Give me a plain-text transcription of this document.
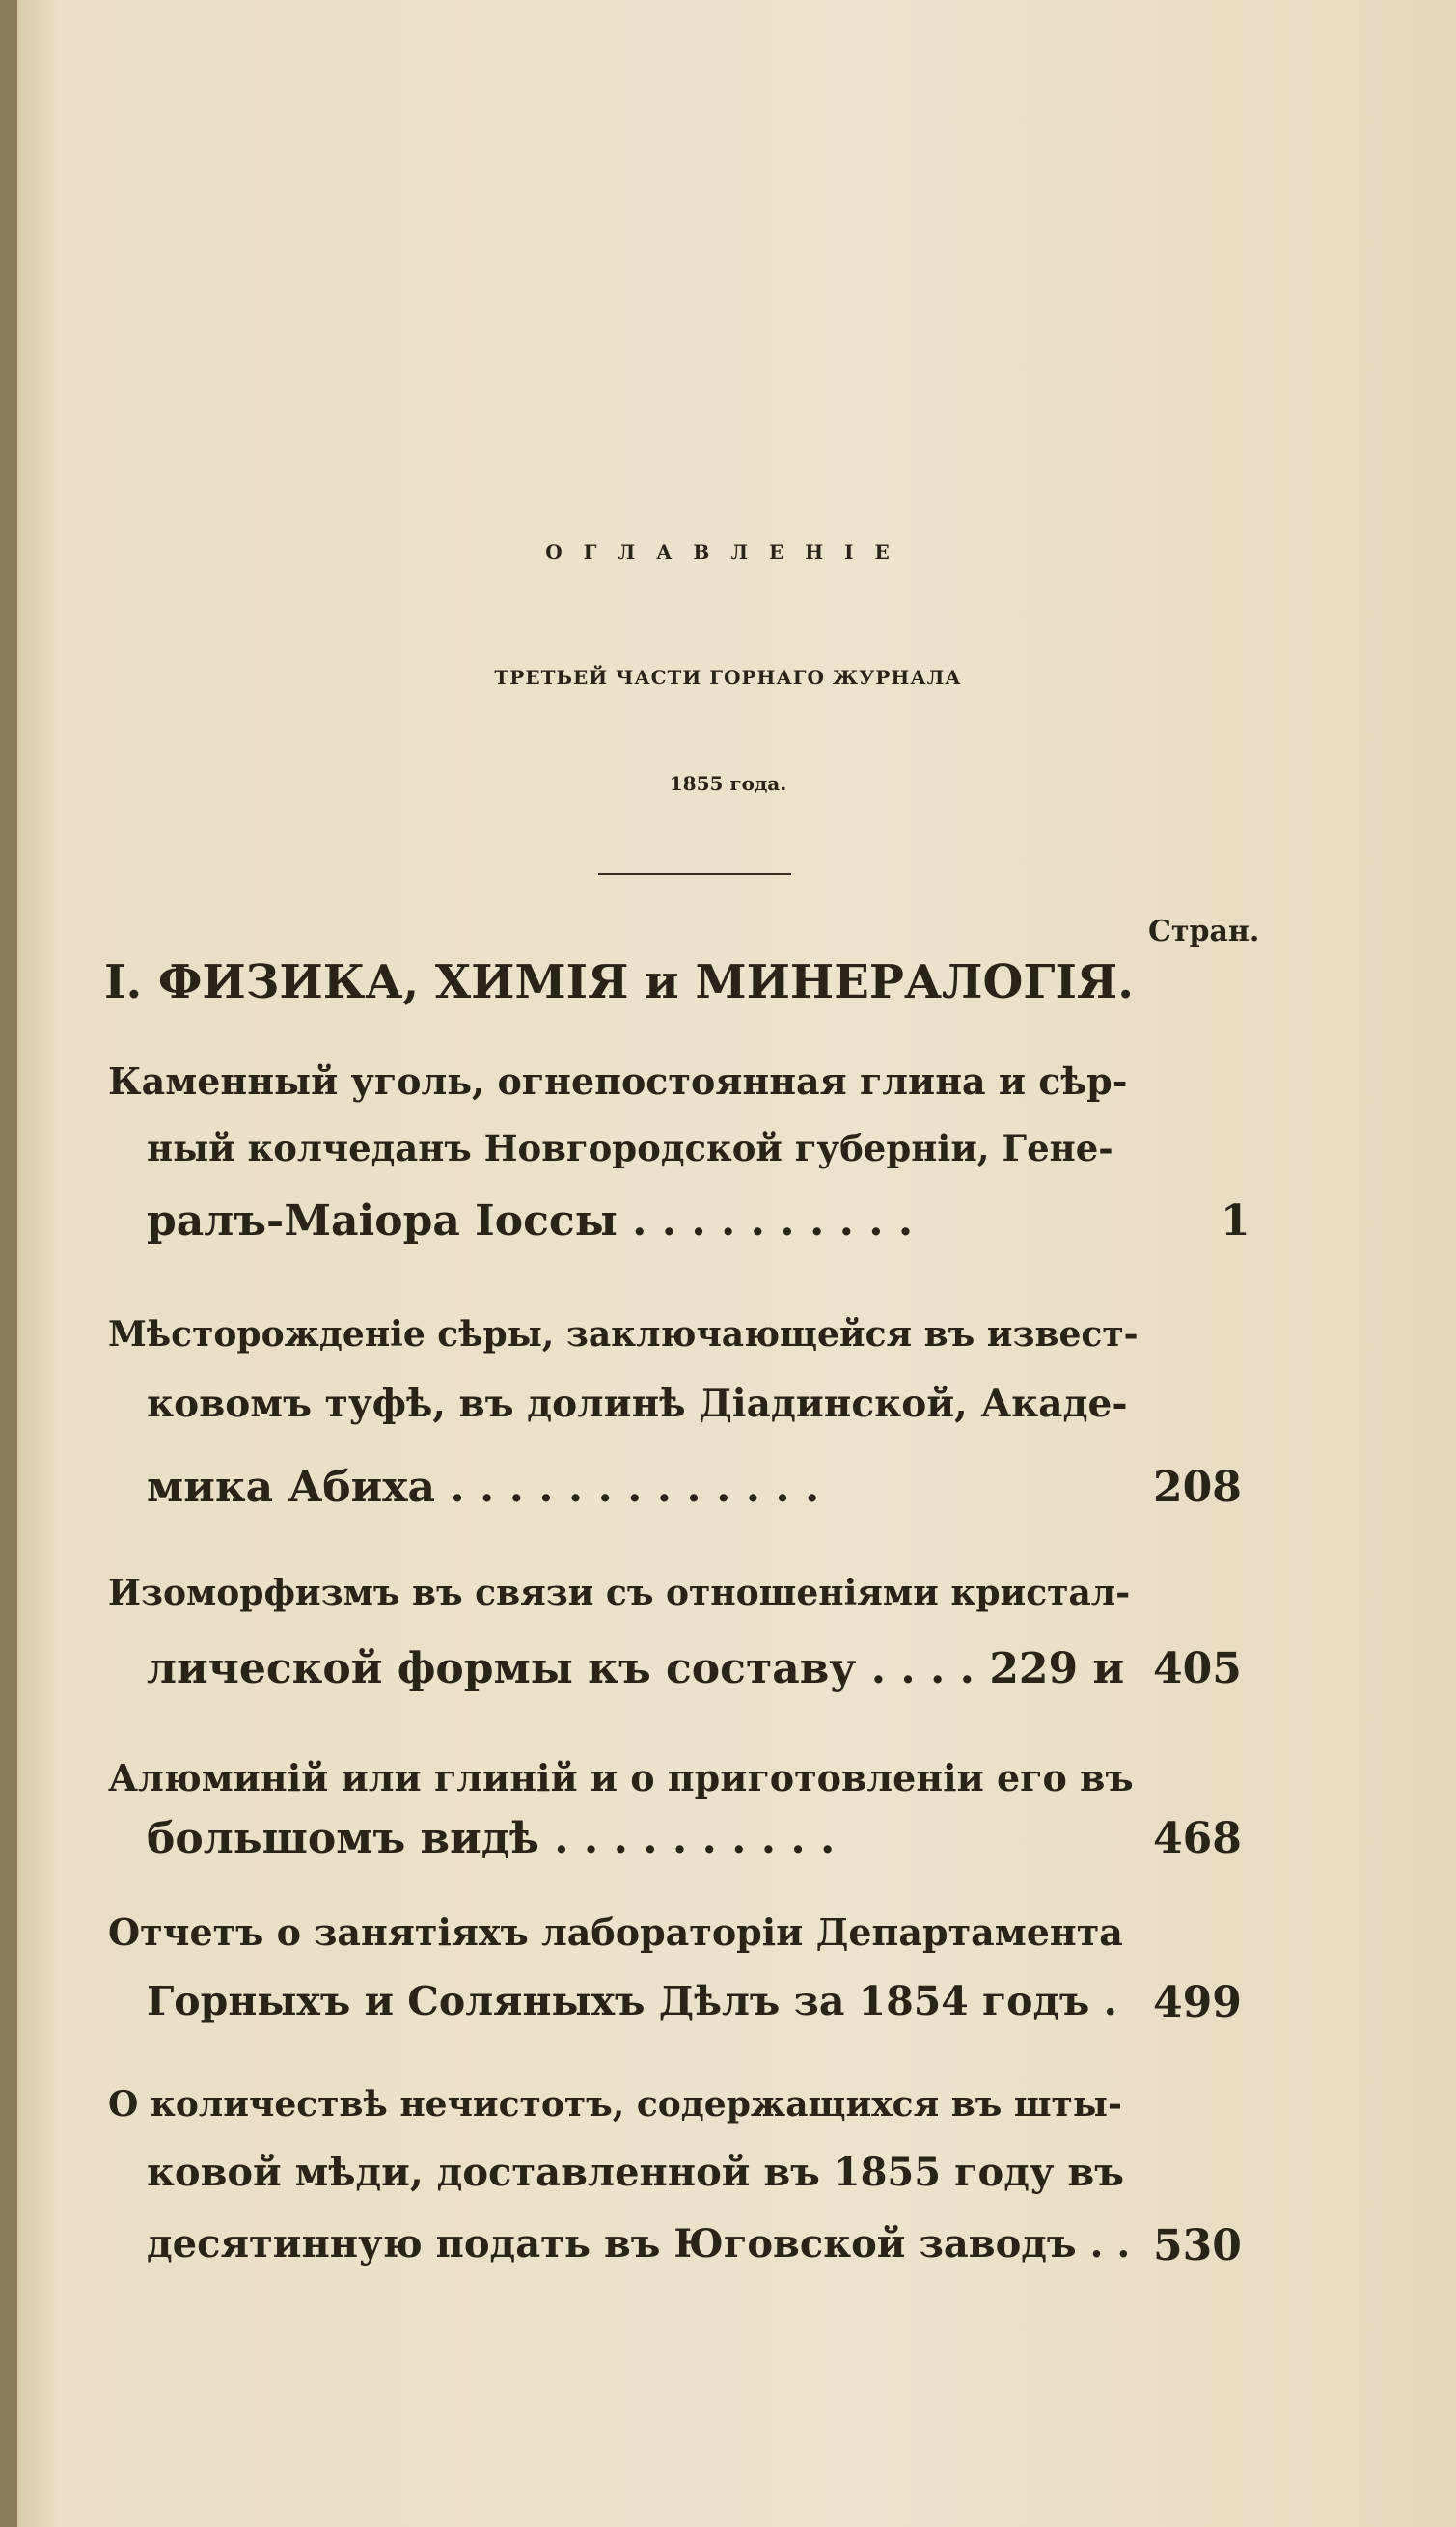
ОГЛАВЛЕНIЕ
ТРЕТЬЕЙ ЧАСТИ ГОРНАГО ЖУРНАЛА
1855 года.
Стран.
I. ФИЗИКА, ХИМIЯ и МИНЕРАЛОГIЯ.
Каменный уголь, огнепостоянная глина и сѣр-
ный колчеданъ Новгородской губернiи, Гене-
ралъ-Маiора Iоссы . . . . . . . . . .	1
Мѣсторожденiе сѣры, заключающейся въ извест-
ковомъ туфѣ, въ долинѣ Дiадинской, Акаде-
мика Абиха . . . . . . . . . . . . .	208
Изоморфизмъ въ связи съ отношенiями кристал-
лической формы къ составу . . . . 229 и 405
Алюминiй или глинiй и о приготовленiи его въ
большомъ видѣ . . . . . . . . . .	468
Отчетъ о занятiяхъ лабораторiи Департамента
Горныхъ и Соляныхъ Дѣлъ за 1854 годъ . 499
О количествѣ нечистотъ, содержащихся въ шты-
ковой мѣди, доставленной въ 1855 году въ
десятинную подать въ Юговской заводъ . . 530
